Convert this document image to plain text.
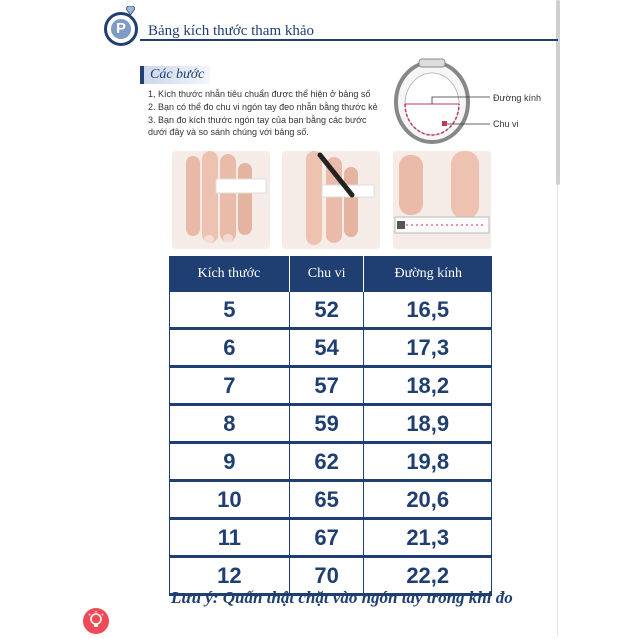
P	Bảng kích thước tham khảo
Các bước
1, Kích thước nhẫn tiêu chuẩn được thể hiện ở bảng số
2. Bạn có thể đo chu vi ngón tay đeo nhẫn bằng thước kẻ
3. Bạn đo kích thước ngón tay của bạn bằng các bước dưới đây và so sánh chúng với bảng số.
Đường kính
Chu vi
Kích thước	Chu vi	Đường kính
5	52	16,5
6	54	17,3
7	57	18,2
8	59	18,9
9	62	19,8
10	65	20,6
11	67	21,3
12	70	22,2
Lưu ý: Quấn thật chặt vào ngón tay trong khi đo
